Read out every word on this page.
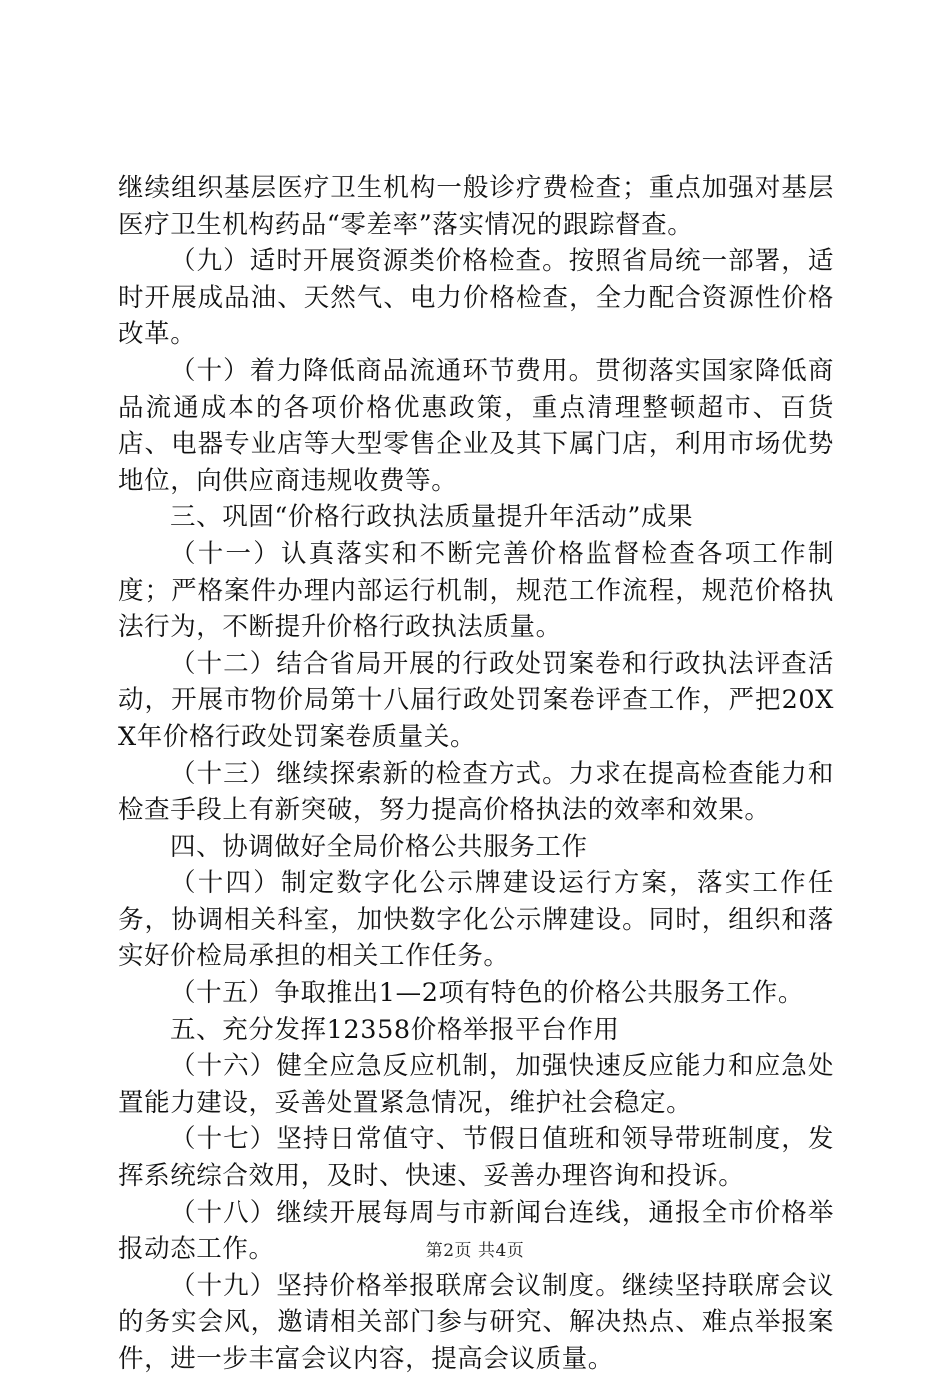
继续组织基层医疗卫生机构一般诊疗费检查；重点加强对基层医疗卫生机构药品“零差率”落实情况的跟踪督查。

（九）适时开展资源类价格检查。按照省局统一部署，适时开展成品油、天然气、电力价格检查，全力配合资源性价格改革。

（十）着力降低商品流通环节费用。贯彻落实国家降低商品流通成本的各项价格优惠政策，重点清理整顿超市、百货店、电器专业店等大型零售企业及其下属门店，利用市场优势地位，向供应商违规收费等。

三、巩固“价格行政执法质量提升年活动”成果

（十一）认真落实和不断完善价格监督检查各项工作制度；严格案件办理内部运行机制，规范工作流程，规范价格执法行为，不断提升价格行政执法质量。

（十二）结合省局开展的行政处罚案卷和行政执法评查活动，开展市物价局第十八届行政处罚案卷评查工作，严把20XX年价格行政处罚案卷质量关。

（十三）继续探索新的检查方式。力求在提高检查能力和检查手段上有新突破，努力提高价格执法的效率和效果。

四、协调做好全局价格公共服务工作

（十四）制定数字化公示牌建设运行方案，落实工作任务，协调相关科室，加快数字化公示牌建设。同时，组织和落实好价检局承担的相关工作任务。

（十五）争取推出1—2项有特色的价格公共服务工作。

五、充分发挥12358价格举报平台作用

（十六）健全应急反应机制，加强快速反应能力和应急处置能力建设，妥善处置紧急情况，维护社会稳定。

（十七）坚持日常值守、节假日值班和领导带班制度，发挥系统综合效用，及时、快速、妥善办理咨询和投诉。

（十八）继续开展每周与市新闻台连线，通报全市价格举报动态工作。

（十九）坚持价格举报联席会议制度。继续坚持联席会议的务实会风，邀请相关部门参与研究、解决热点、难点举报案件，进一步丰富会议内容，提高会议质量。

第2页 共4页
